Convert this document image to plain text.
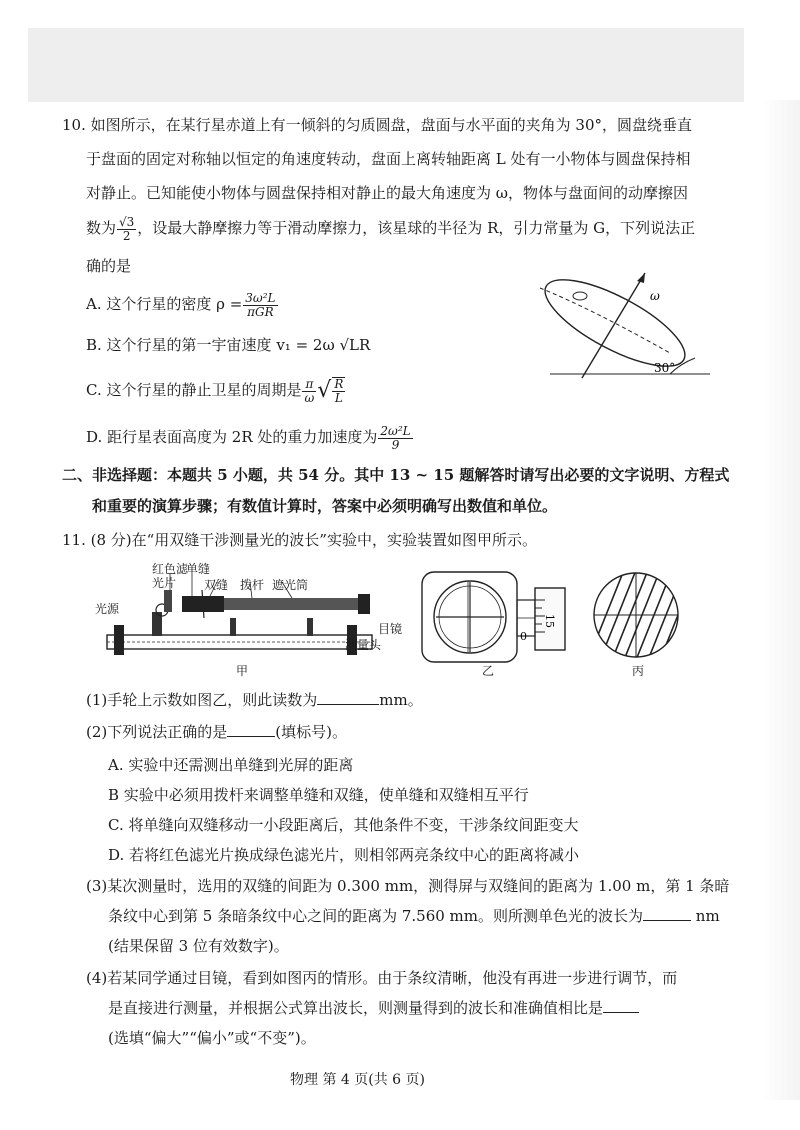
10. 如图所示，在某行星赤道上有一倾斜的匀质圆盘，盘面与水平面的夹角为 30°，圆盘绕垂直
于盘面的固定对称轴以恒定的角速度转动，盘面上离转轴距离 L 处有一小物体与圆盘保持相
对静止。已知能使小物体与圆盘保持相对静止的最大角速度为 ω，物体与盘面间的动摩擦因
数为 $\frac{√3}{2}$ ，设最大静摩擦力等于滑动摩擦力，该星球的半径为 R，引力常量为 G，下列说法正
确的是
A. 这个行星的密度 $\rho = \frac{\text{3ω²L}}{\text{πGR}}$
B. 这个行星的第一宇宙速度 v₁ = 2ω √LR
C. 这个行星的静止卫星的周期是 $\frac{\pi}{\omega}$ √ $\frac{R}{L}$
D. 距行星表面高度为 2R 处的重力加速度为 $\frac{\text{2ω²L}}{9}$
ω
30°
二、非选择题：本题共 5 小题，共 54 分。其中 13 ~ 15 题解答时请写出必要的文字说明、方程式
和重要的演算步骤；有数值计算时，答案中必须明确写出数值和单位。
11. (8 分)在“用双缝干涉测量光的波长”实验中，实验装置如图甲所示。
红色滤
光片
单缝
双缝 拨杆 遮光筒
光源
目镜
测量头
甲
15
0
乙	丙
(1)手轮上示数如图乙，则此读数为	mm。
(2)下列说法正确的是	(填标号)。
A. 实验中还需测出单缝到光屏的距离
B 实验中必须用拨杆来调整单缝和双缝，使单缝和双缝相互平行
C. 将单缝向双缝移动一小段距离后，其他条件不变，干涉条纹间距变大
D. 若将红色滤光片换成绿色滤光片，则相邻两亮条纹中心的距离将减小
(3)某次测量时，选用的双缝的间距为 0.300 mm，测得屏与双缝间的距离为 1.00 m，第 1 条暗
条纹中心到第 5 条暗条纹中心之间的距离为 7.560 mm。则所测单色光的波长为	nm
(结果保留 3 位有效数字)。
(4)若某同学通过目镜，看到如图丙的情形。由于条纹清晰，他没有再进一步进行调节，而
是直接进行测量，并根据公式算出波长，则测量得到的波长和准确值相比是
(选填“偏大”“偏小”或“不变”)。
物理 第 4 页(共 6 页)
